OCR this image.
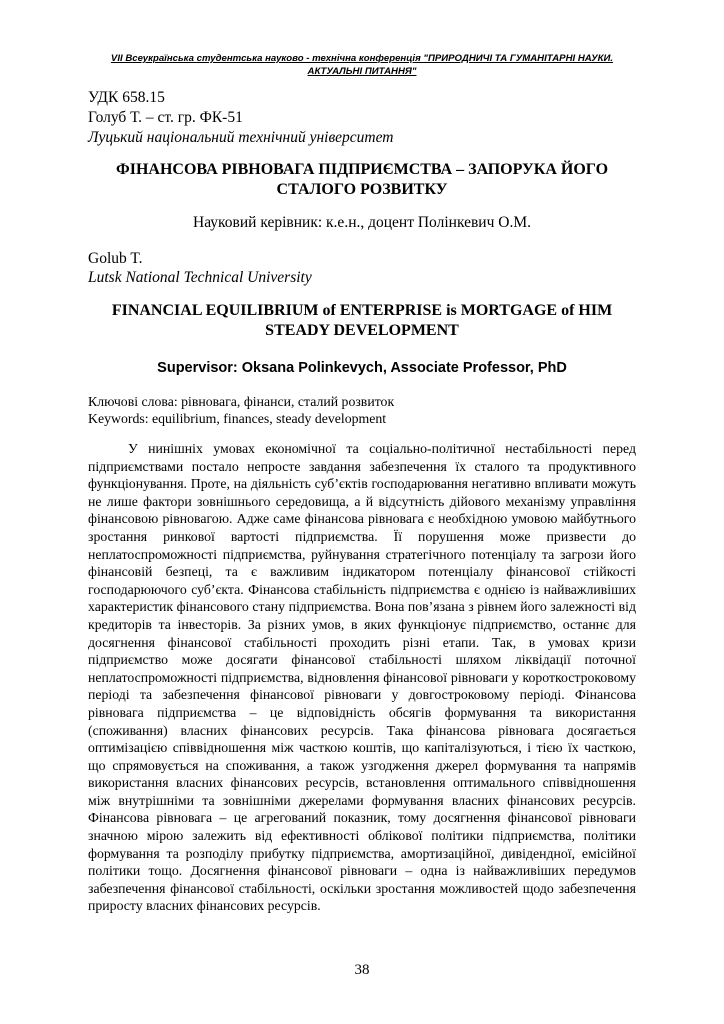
VII Всеукраїнська студентська науково - технічна конференція "ПРИРОДНИЧІ ТА ГУМАНІТАРНІ НАУКИ. АКТУАЛЬНІ ПИТАННЯ"
УДК 658.15
Голуб Т. – ст. гр. ФК-51
Луцький національний технічний університет
ФІНАНСОВА РІВНОВАГА ПІДПРИЄМСТВА – ЗАПОРУКА ЙОГО СТАЛОГО РОЗВИТКУ
Науковий керівник: к.е.н., доцент Полінкевич О.М.
Golub T.
Lutsk National Technical University
FINANCIAL EQUILIBRIUM of ENTERPRISE is MORTGAGE of HIM STEADY DEVELOPMENT
Supervisor: Oksana Polinkevych, Associate Professor, PhD
Ключові слова: рівновага, фінанси, сталий розвиток
Keywords: equilibrium, finances, steady development

У нинішніх умовах економічної та соціально-політичної нестабільності перед підприємствами постало непросте завдання забезпечення їх сталого та продуктивного функціонування. Проте, на діяльність суб’єктів господарювання негативно впливати можуть не лише фактори зовнішнього середовища, а й відсутність дійового механізму управління фінансовою рівновагою. Адже саме фінансова рівновага є необхідною умовою майбутнього зростання ринкової вартості підприємства. Її порушення може призвести до неплатоспроможності підприємства, руйнування стратегічного потенціалу та загрози його фінансовій безпеці, та є важливим індикатором потенціалу фінансової стійкості господарюючого суб’єкта. Фінансова стабільність підприємства є однією із найважливіших характеристик фінансового стану підприємства. Вона пов’язана з рівнем його залежності від кредиторів та інвесторів. За різних умов, в яких функціонує підприємство, останнє для досягнення фінансової стабільності проходить різні етапи. Так, в умовах кризи підприємство може досягати фінансової стабільності шляхом ліквідації поточної неплатоспроможності підприємства, відновлення фінансової рівноваги у короткостроковому періоді та забезпечення фінансової рівноваги у довгостроковому періоді. Фінансова рівновага підприємства – це відповідність обсягів формування та використання (споживання) власних фінансових ресурсів. Така фінансова рівновага досягається оптимізацією співвідношення між часткою коштів, що капіталізуються, і тією їх часткою, що спрямовується на споживання, а також узгодження джерел формування та напрямів використання власних фінансових ресурсів, встановлення оптимального співвідношення між внутрішніми та зовнішніми джерелами формування власних фінансових ресурсів. Фінансова рівновага – це агрегований показник, тому досягнення фінансової рівноваги значною мірою залежить від ефективності облікової політики підприємства, політики формування та розподілу прибутку підприємства, амортизаційної, дивідендної, емісійної політики тощо. Досягнення фінансової рівноваги – одна із найважливіших передумов забезпечення фінансової стабільності, оскільки зростання можливостей щодо забезпечення приросту власних фінансових ресурсів.

38
